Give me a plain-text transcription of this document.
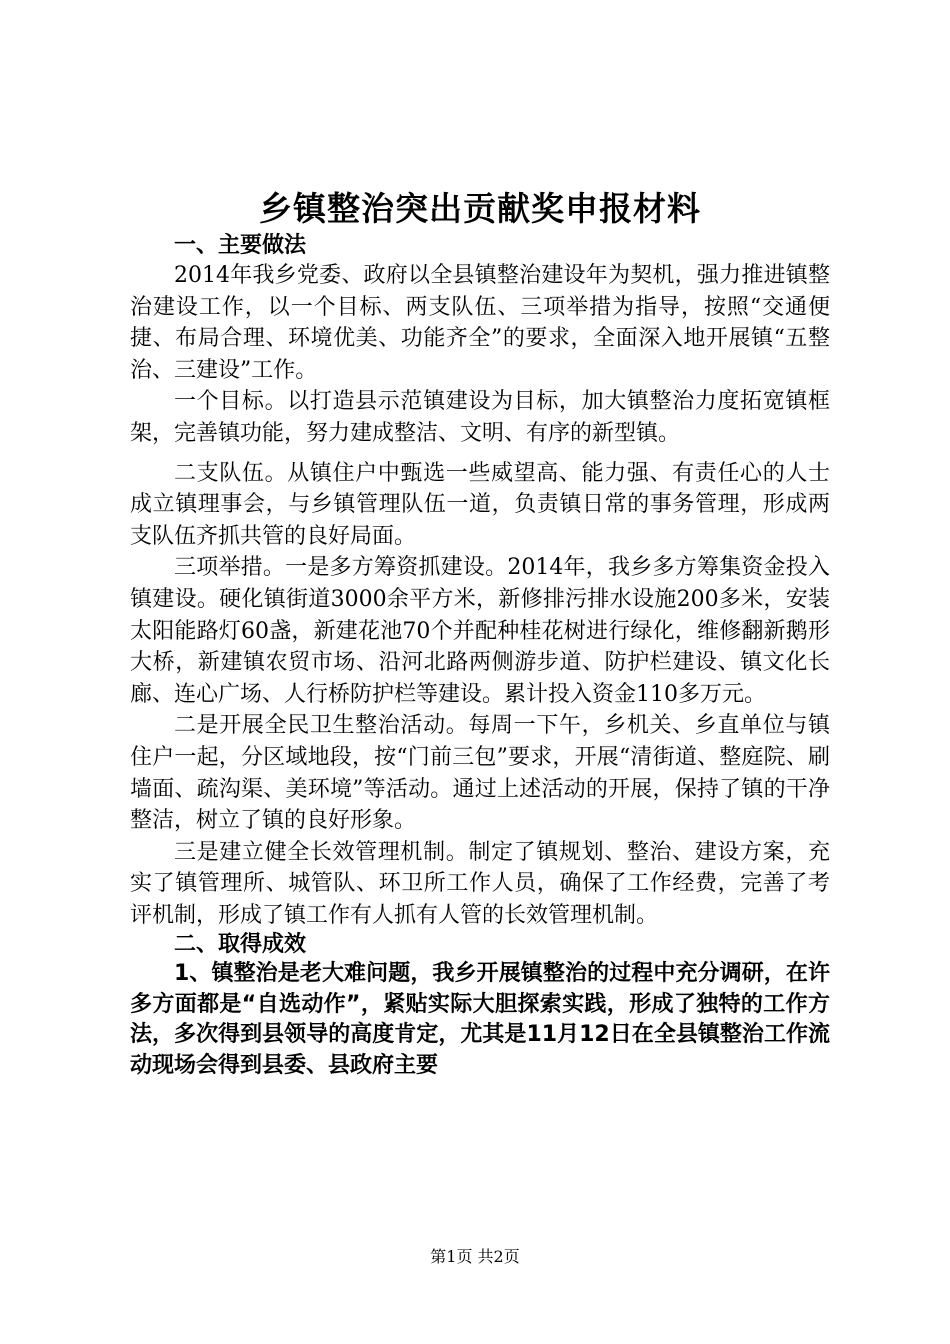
乡镇整治突出贡献奖申报材料

一、主要做法

2014年我乡党委、政府以全县镇整治建设年为契机，强力推进镇整治建设工作，以一个目标、两支队伍、三项举措为指导，按照“交通便捷、布局合理、环境优美、功能齐全”的要求，全面深入地开展镇“五整治、三建设”工作。

一个目标。以打造县示范镇建设为目标，加大镇整治力度拓宽镇框架，完善镇功能，努力建成整洁、文明、有序的新型镇。

二支队伍。从镇住户中甄选一些威望高、能力强、有责任心的人士成立镇理事会，与乡镇管理队伍一道，负责镇日常的事务管理，形成两支队伍齐抓共管的良好局面。

三项举措。一是多方筹资抓建设。2014年，我乡多方筹集资金投入镇建设。硬化镇街道3000余平方米，新修排污排水设施200多米，安装太阳能路灯60盏，新建花池70个并配种桂花树进行绿化，维修翻新鹅形大桥，新建镇农贸市场、沿河北路两侧游步道、防护栏建设、镇文化长廊、连心广场、人行桥防护栏等建设。累计投入资金110多万元。

二是开展全民卫生整治活动。每周一下午，乡机关、乡直单位与镇住户一起，分区域地段，按“门前三包”要求，开展“清街道、整庭院、刷墙面、疏沟渠、美环境”等活动。通过上述活动的开展，保持了镇的干净整洁，树立了镇的良好形象。

三是建立健全长效管理机制。制定了镇规划、整治、建设方案，充实了镇管理所、城管队、环卫所工作人员，确保了工作经费，完善了考评机制，形成了镇工作有人抓有人管的长效管理机制。

二、取得成效

1、镇整治是老大难问题，我乡开展镇整治的过程中充分调研，在许多方面都是“自选动作”，紧贴实际大胆探索实践，形成了独特的工作方法，多次得到县领导的高度肯定，尤其是11月12日在全县镇整治工作流动现场会得到县委、县政府主要

第1页 共2页
